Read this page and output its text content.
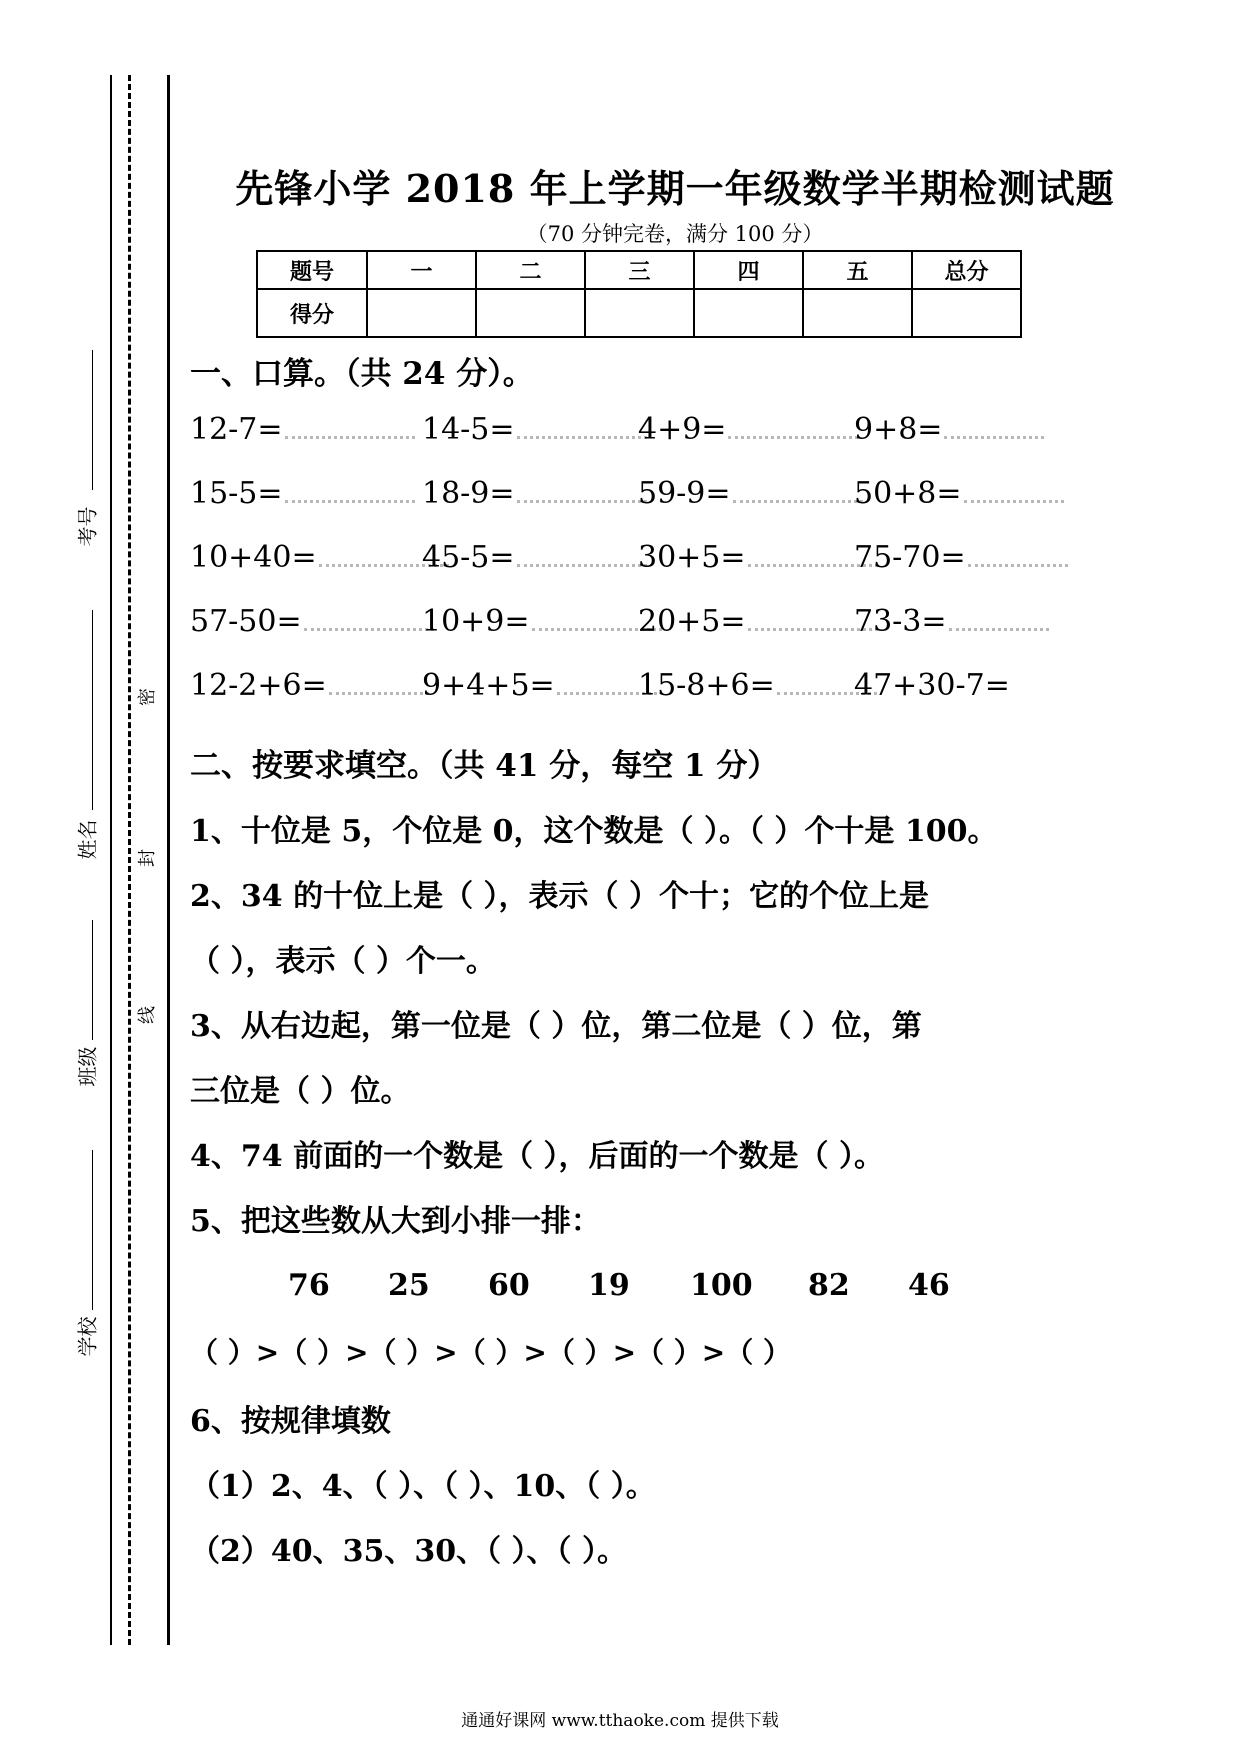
考号
姓名
班级
学校
密
封
线
先锋小学 2018 年上学期一年级数学半期检测试题
（70 分钟完卷，满分 100 分）
题号	一	二	三	四	五	总分
得分						
一、口算。（共 24 分）。
12-7=	14-5=	4+9=	9+8=
15-5=	18-9=	59-9=	50+8=
10+40=	45-5=	30+5=	75-70=
57-50=	10+9=	20+5=	73-3=
12-2+6=	9+4+5=	15-8+6=	47+30-7=
二、按要求填空。（共 41 分，每空 1 分）
1、十位是 5，个位是 0，这个数是（ ）。（ ）个十是 100。
2、34 的十位上是（ ），表示（ ）个十；它的个位上是
（ ），表示（ ）个一。
3、从右边起，第一位是（ ）位，第二位是（ ）位，第
三位是（ ）位。
4、74 前面的一个数是（ ），后面的一个数是（ ）。
5、把这些数从大到小排一排：
76 25 60 19 100 82 46
（ ）>（ ）>（ ）>（ ）>（ ）>（ ）>（ ）
6、按规律填数
（1）2、4、（ ）、（ ）、10、（ ）。
（2）40、35、30、（ ）、（ ）。
通通好课网 www.tthaoke.com 提供下载
